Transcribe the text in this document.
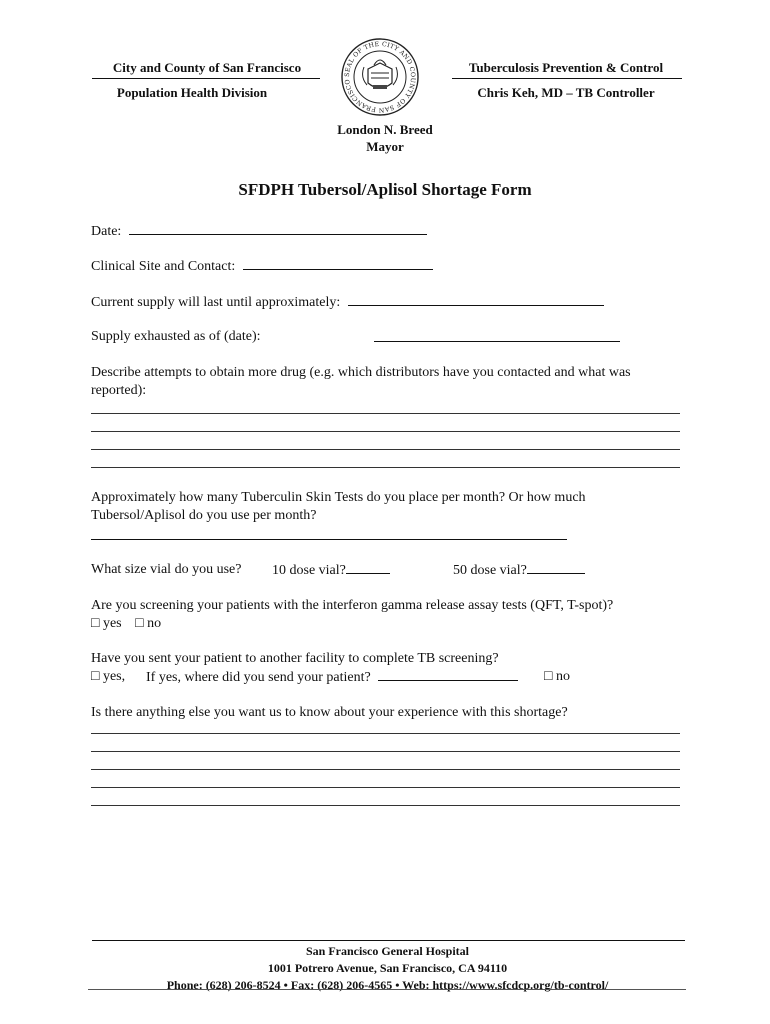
City and County of San Francisco
Population Health Division
Tuberculosis Prevention & Control
Chris Keh, MD – TB Controller
SEAL OF THE CITY AND COUNTY OF SAN FRANCISCO
London N. Breed
Mayor
SFDPH Tubersol/Aplisol Shortage Form
Date:
Clinical Site and Contact:
Current supply will last until approximately:
Supply exhausted as of (date):
Describe attempts to obtain more drug (e.g. which distributors have you contacted and what was reported):
Approximately how many Tuberculin Skin Tests do you place per month? Or how much Tubersol/Aplisol do you use per month?
What size vial do you use? 10 dose vial?	50 dose vial?
Are you screening your patients with the interferon gamma release assay tests (QFT, T-spot)?
□ yes □ no
Have you sent your patient to another facility to complete TB screening?
□ yes, If yes, where did you send your patient?	□ no
Is there anything else you want us to know about your experience with this shortage?
San Francisco General Hospital
1001 Potrero Avenue, San Francisco, CA 94110
Phone: (628) 206-8524 • Fax: (628) 206-4565 • Web: https://www.sfcdcp.org/tb-control/
